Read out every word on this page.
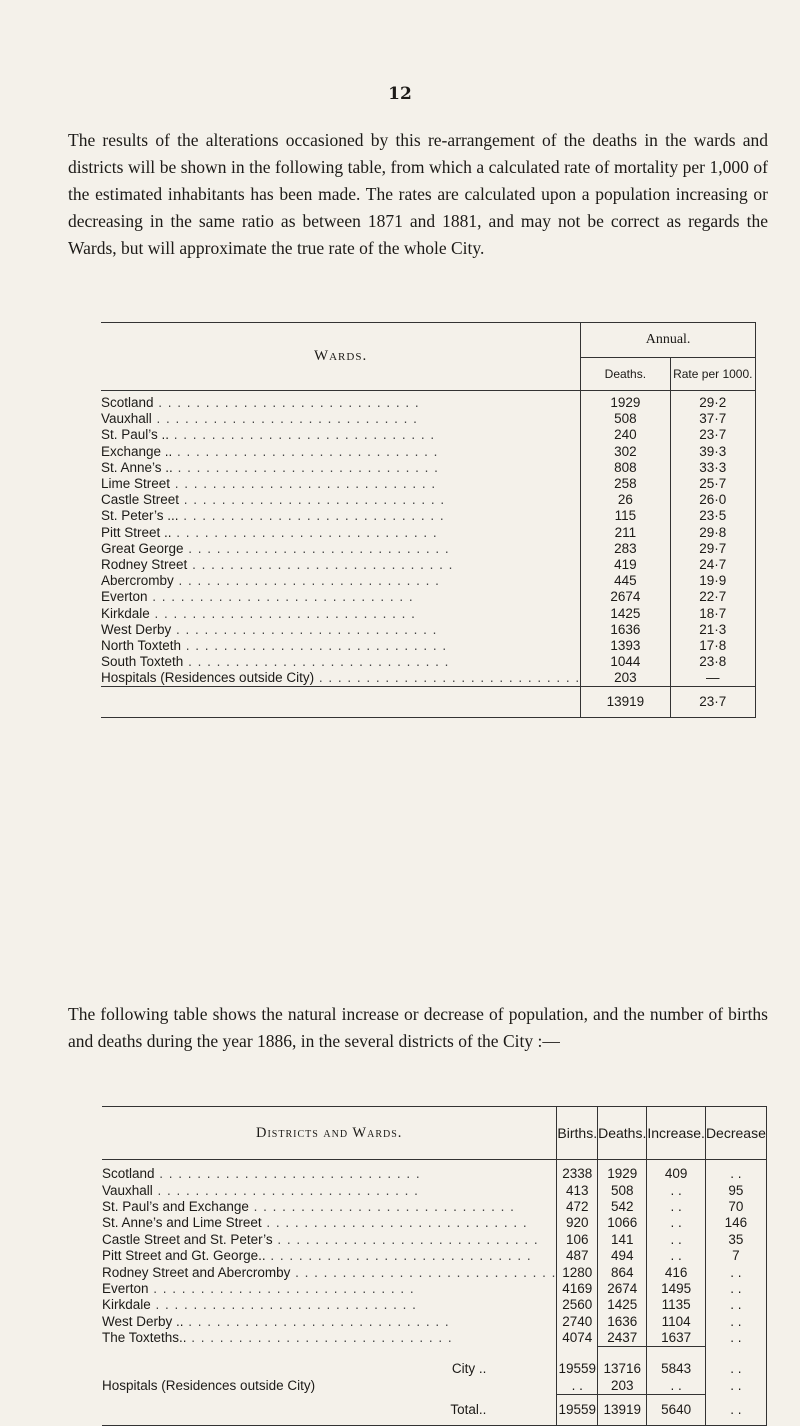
12
The results of the alterations occasioned by this re-arrangement of the deaths in the wards and districts will be shown in the following table, from which a calculated rate of mortality per 1,000 of the estimated inhabitants has been made. The rates are calculated upon a population increasing or decreasing in the same ratio as between 1871 and 1881, and may not be correct as regards the Wards, but will approximate the true rate of the whole City.
Wards.	Annual.	
	Deaths.	Rate per 1000.
Scotland . .	1929	29·2
Vauxhall . .	508	37·7
St. Paul’s .. . .	240	23·7
Exchange .. . .	302	39·3
St. Anne’s .. . .	808	33·3
Lime Street . .	258	25·7
Castle Street . .	26	26·0
St. Peter’s ... . .	115	23·5
Pitt Street .. . .	211	29·8
Great George . .	283	29·7
Rodney Street . .	419	24·7
Abercromby . .	445	19·9
Everton . .	2674	22·7
Kirkdale . .	1425	18·7
West Derby . .	1636	21·3
North Toxteth . .	1393	17·8
South Toxteth . .	1044	23·8
Hospitals (Residences outside City) . .	203	—
	13919	23·7
The following table shows the natural increase or decrease of population, and the number of births and deaths during the year 1886, in the several districts of the City :—
Districts and Wards.	Births.	Deaths.	Increase.	Decrease
Scotland . .	2338	1929	409	. .
Vauxhall . .	413	508	. .	95
St. Paul’s and Exchange . .	472	542	. .	70
St. Anne’s and Lime Street . .	920	1066	. .	146
Castle Street and St. Peter’s . .	106	141	. .	35
Pitt Street and Gt. George.. . .	487	494	. .	7
Rodney Street and Abercromby . .	1280	864	416	. .
Everton . .	4169	2674	1495	. .
Kirkdale . .	2560	1425	1135	. .
West Derby .. . .	2740	1636	1104	. .
The Toxteths.. . .	4074	2437	1637	. .
City ..	19559	13716	5843	. .
Hospitals (Residences outside City)	. .	203	. .	. .
Total..	19559	13919	5640	. .
